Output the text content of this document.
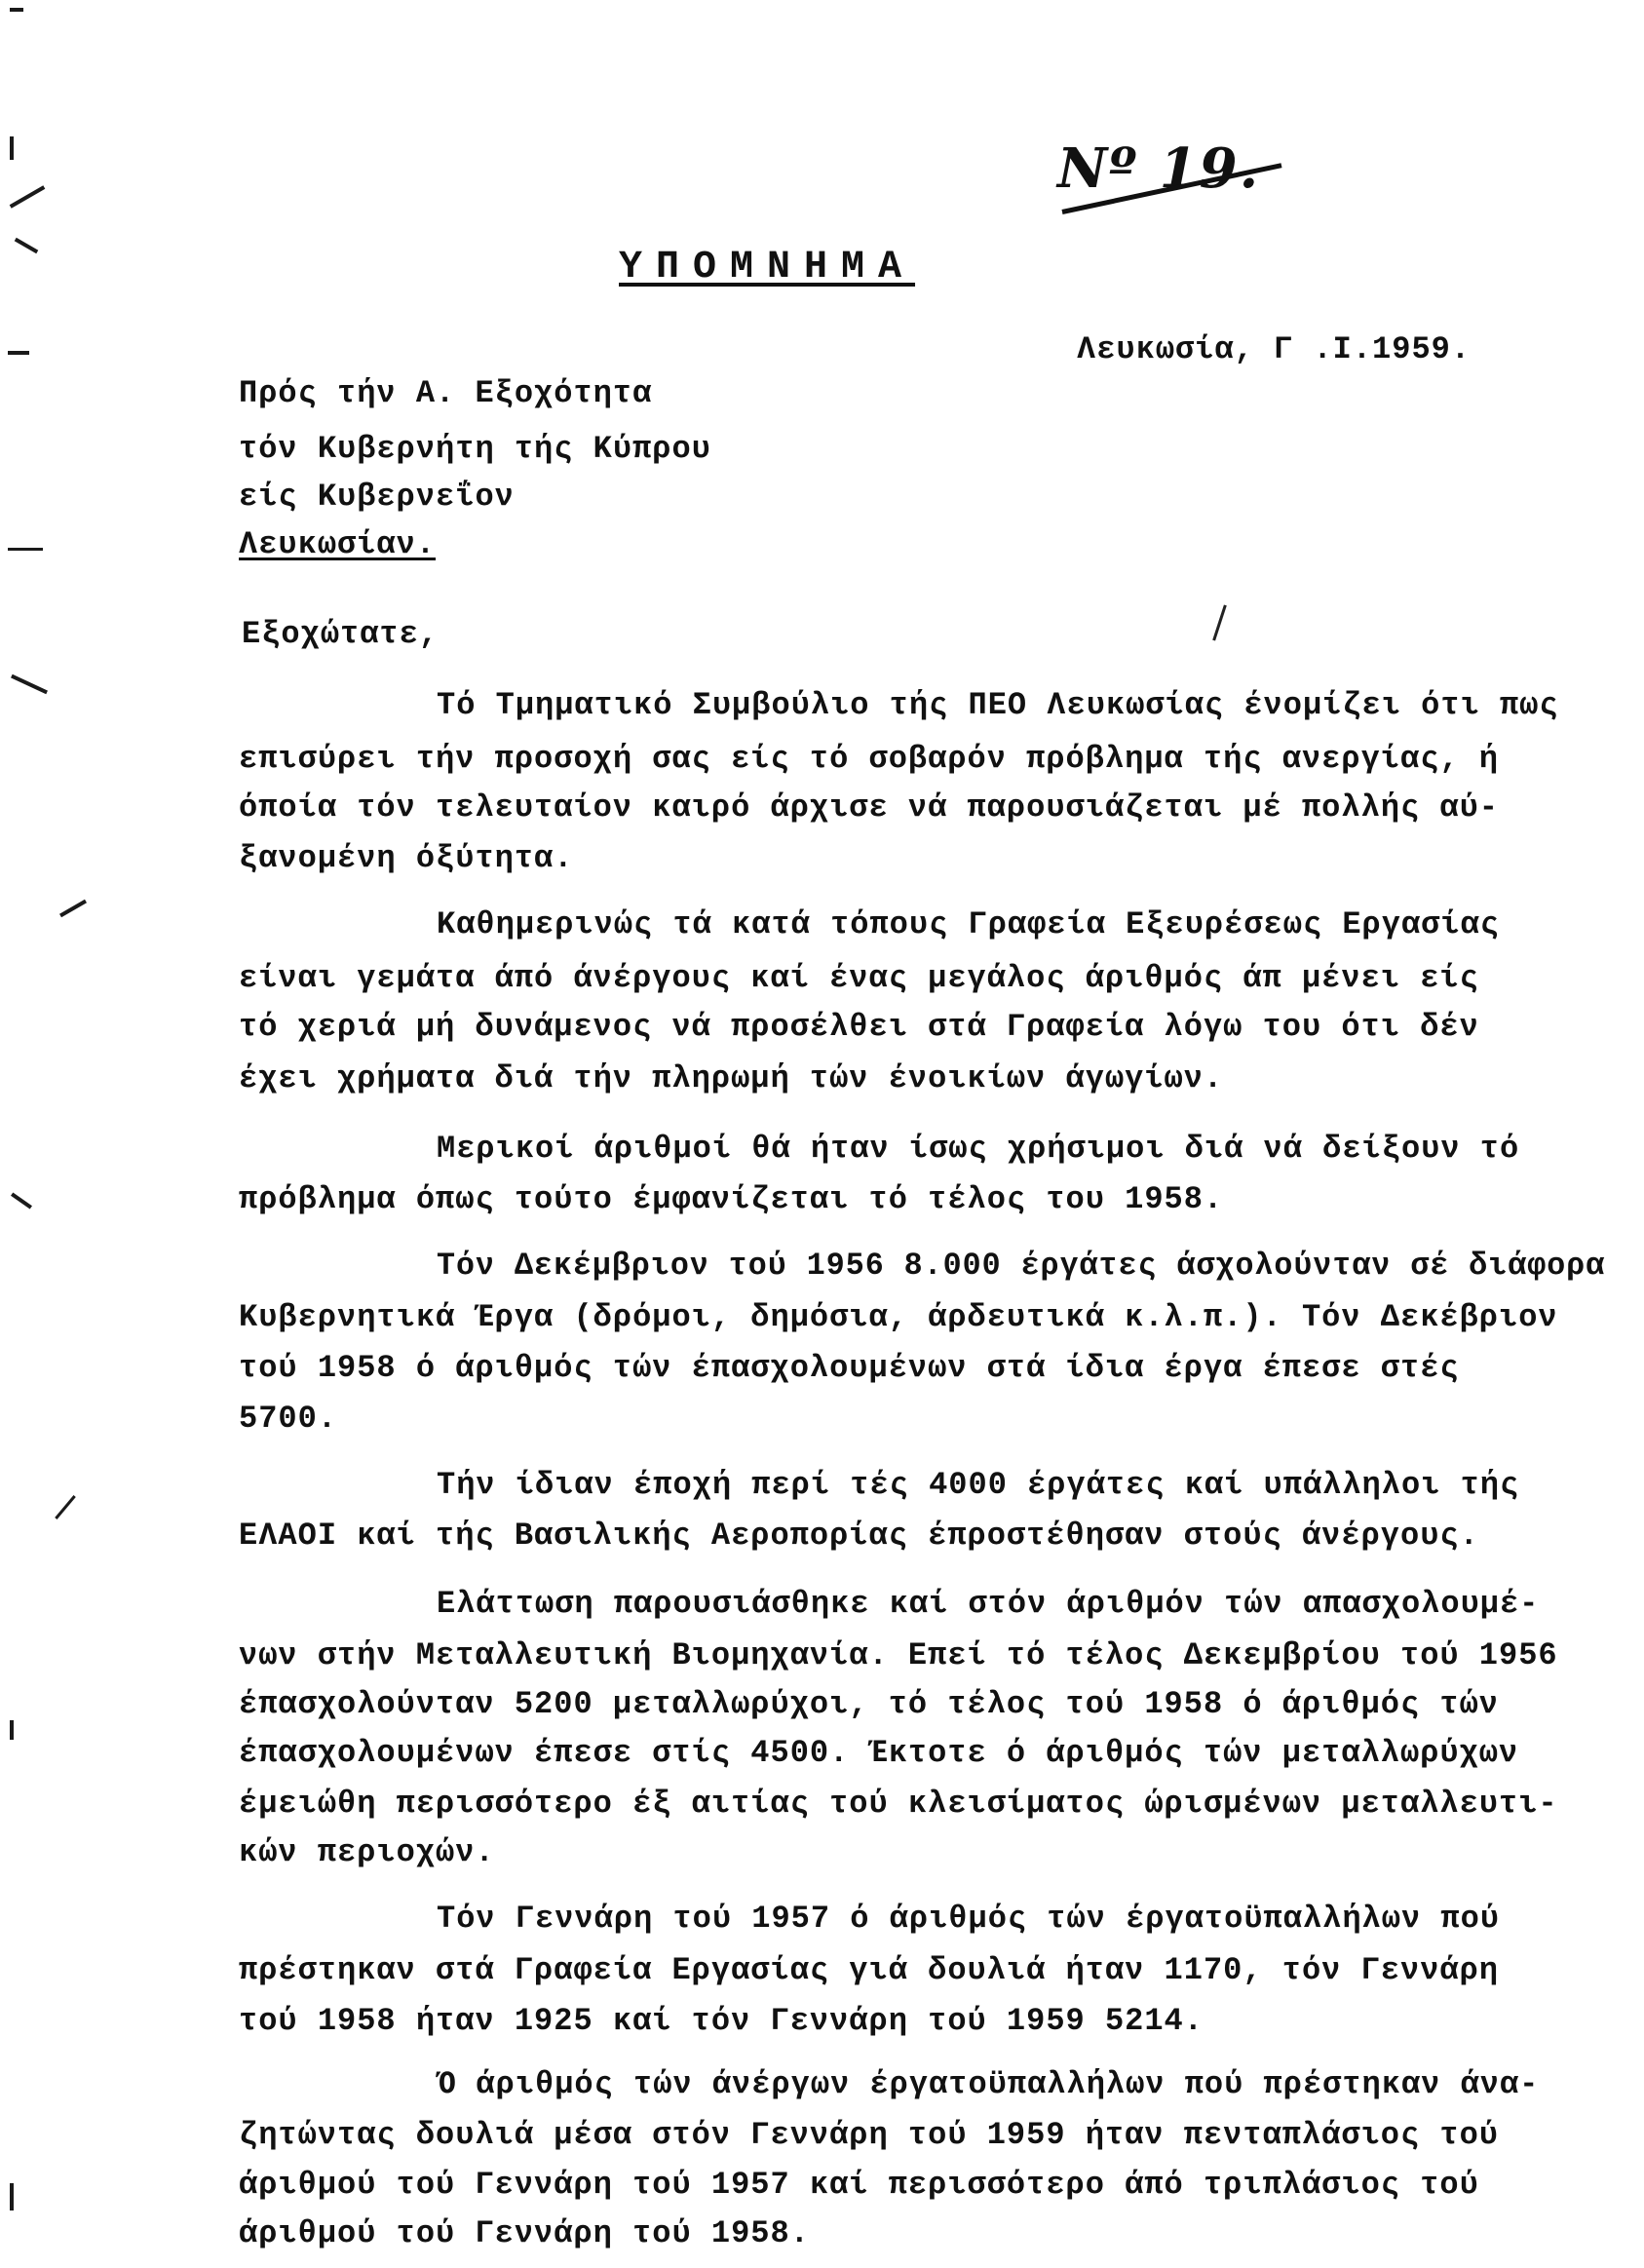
Nº 19.
ΥΠΟΜΝΗΜΑ
Λευκωσία, Γ .Ι.1959.
Πρός τήν Α. Εξοχότητα
τόν Κυβερνήτη τής Κύπρου
είς Κυβερνεΐον
Λευκωσίαν.
Εξοχώτατε,
Τό Τμηματικό Συμβούλιο τής ΠΕΟ Λευκωσίας ένομίζει ότι πως
επισύρει τήν προσοχή σας είς τό σοβαρόν πρόβλημα τής ανεργίας, ή
όποία τόν τελευταίον καιρό άρχισε νά παρουσιάζεται μέ πολλής αύ-
ξανομένη όξύτητα.
Καθημερινώς τά κατά τόπους Γραφεία Εξευρέσεως Εργασίας
είναι γεμάτα άπό άνέργους καί ένας μεγάλος άριθμός άπ μένει είς
τό χεριά μή δυνάμενος νά προσέλθει στά Γραφεία λόγω του ότι δέν
έχει χρήματα διά τήν πληρωμή τών ένοικίων άγωγίων.
Μερικοί άριθμοί θά ήταν ίσως χρήσιμοι διά νά δείξουν τό
πρόβλημα όπως τούτο έμφανίζεται τό τέλος του 1958.
Τόν Δεκέμβριον τού 1956 8.000 έργάτες άσχολούνταν σέ διάφορα
Κυβερνητικά Έργα (δρόμοι, δημόσια, άρδευτικά κ.λ.π.). Τόν Δεκέβριον
τού 1958 ό άριθμός τών έπασχολουμένων στά ίδια έργα έπεσε στές
5700.
Τήν ίδιαν έποχή περί τές 4000 έργάτες καί υπάλληλοι τής
ΕΛΑΟΙ καί τής Βασιλικής Αεροπορίας έπροστέθησαν στούς άνέργους.
Ελάττωση παρουσιάσθηκε καί στόν άριθμόν τών απασχολουμέ-
νων στήν Μεταλλευτική Βιομηχανία. Επεί τό τέλος Δεκεμβρίου τού 1956
έπασχολούνταν 5200 μεταλλωρύχοι, τό τέλος τού 1958 ό άριθμός τών
έπασχολουμένων έπεσε στίς 4500. Έκτοτε ό άριθμός τών μεταλλωρύχων
έμειώθη περισσότερο έξ αιτίας τού κλεισίματος ώρισμένων μεταλλευτι-
κών περιοχών.
Τόν Γεννάρη τού 1957 ό άριθμός τών έργατοϋπαλλήλων πού
πρέστηκαν στά Γραφεία Εργασίας γιά δουλιά ήταν 1170, τόν Γεννάρη
τού 1958 ήταν 1925 καί τόν Γεννάρη τού 1959 5214.
Ό άριθμός τών άνέργων έργατοϋπαλλήλων πού πρέστηκαν άνα-
ζητώντας δουλιά μέσα στόν Γεννάρη τού 1959 ήταν πενταπλάσιος τού
άριθμού τού Γεννάρη τού 1957 καί περισσότερο άπό τριπλάσιος τού
άριθμού τού Γεννάρη τού 1958.
